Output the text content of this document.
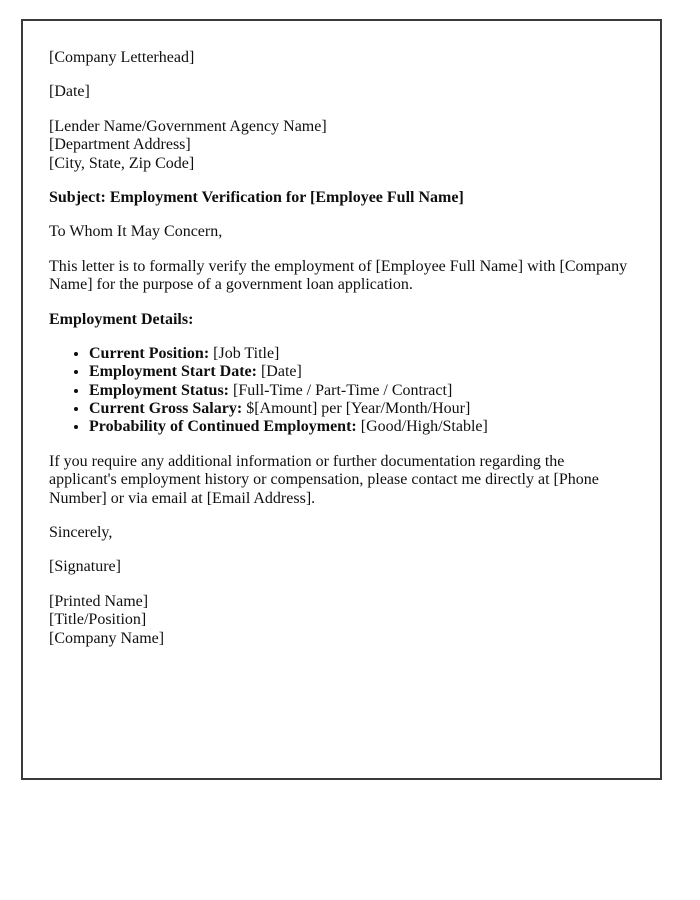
[Company Letterhead]

[Date]

[Lender Name/Government Agency Name]
[Department Address]
[City, State, Zip Code]

Subject: Employment Verification for [Employee Full Name]

To Whom It May Concern,

This letter is to formally verify the employment of [Employee Full Name] with [Company Name] for the purpose of a government loan application.

Employment Details:

• Current Position: [Job Title]
• Employment Start Date: [Date]
• Employment Status: [Full-Time / Part-Time / Contract]
• Current Gross Salary: $[Amount] per [Year/Month/Hour]
• Probability of Continued Employment: [Good/High/Stable]

If you require any additional information or further documentation regarding the applicant's employment history or compensation, please contact me directly at [Phone Number] or via email at [Email Address].

Sincerely,

[Signature]

[Printed Name]
[Title/Position]
[Company Name]
